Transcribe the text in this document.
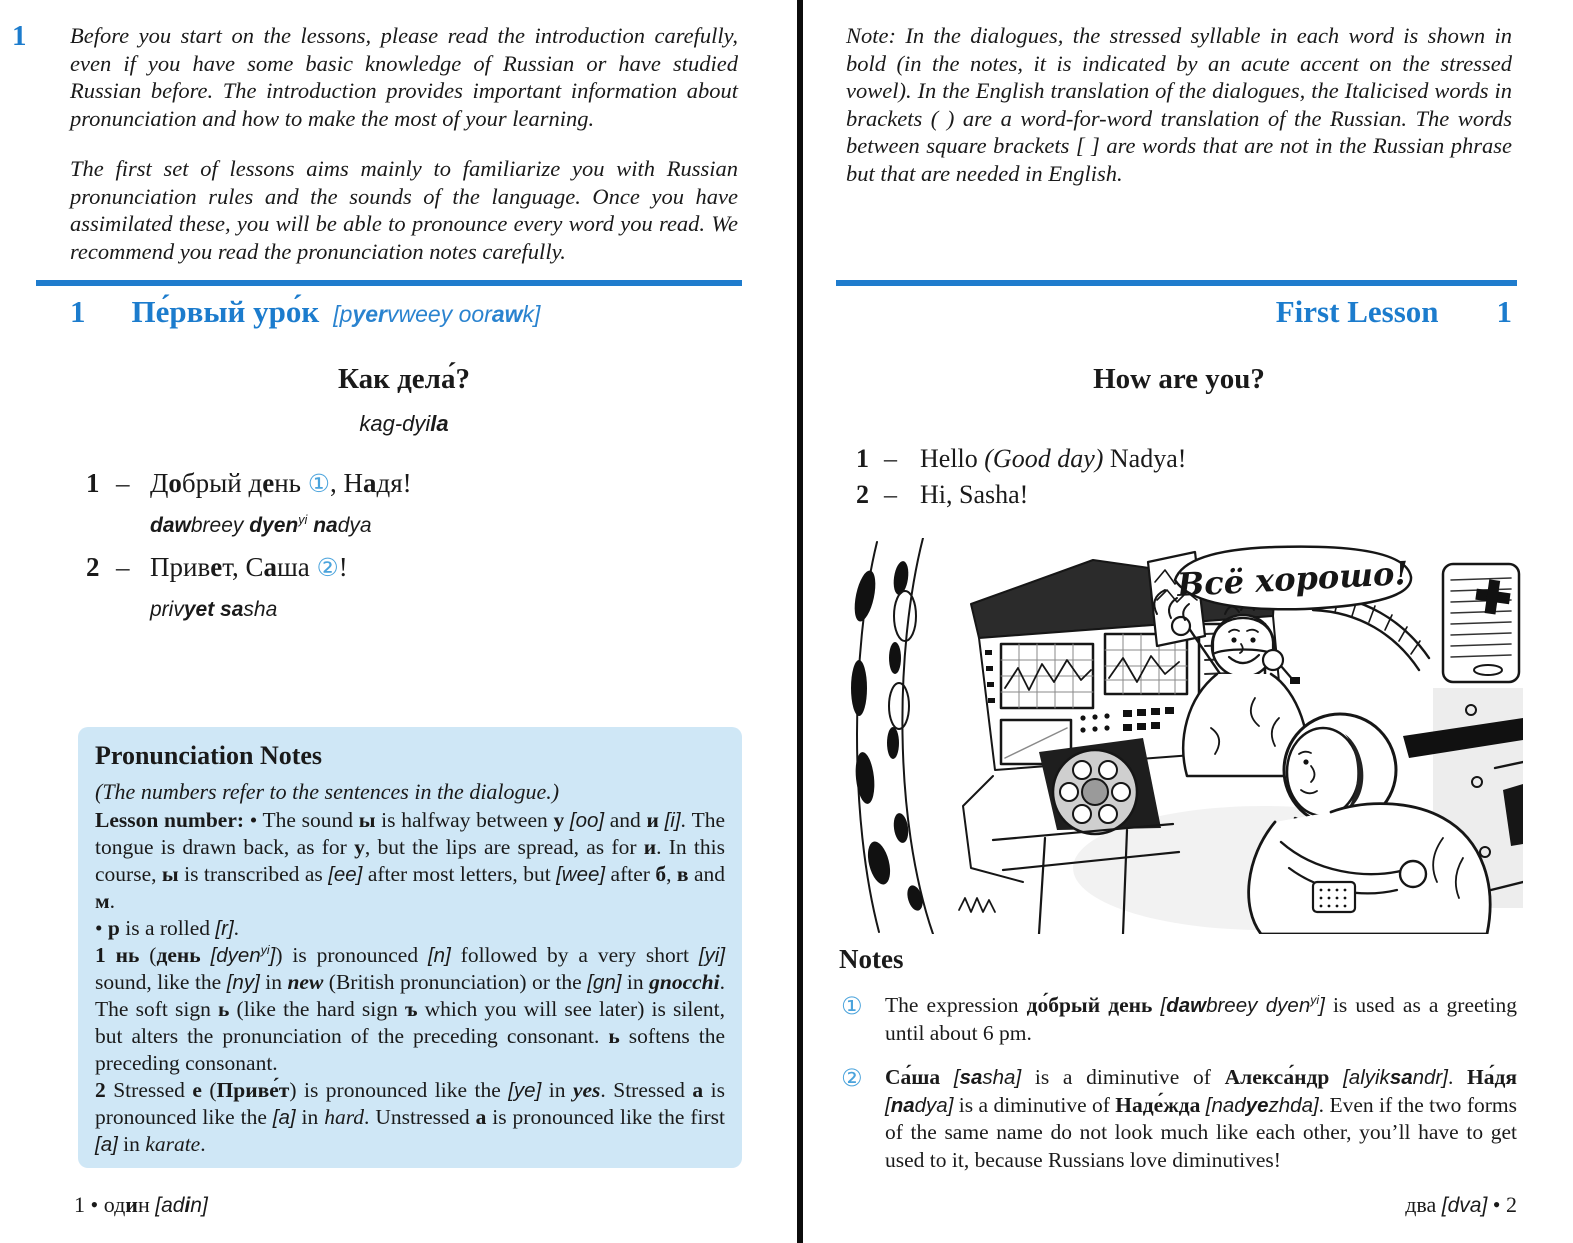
1 Before you start on the lessons, please read the introduction carefully, even if you have some basic knowledge of Russian or have studied Russian before. The introduction provides important information about pronunciation and how to make the most of your learning.

The first set of lessons aims mainly to familiarize you with Russian pronunciation rules and the sounds of the language. Once you have assimilated these, you will be able to pronounce every word you read. We recommend you read the pronunciation notes carefully.

1 Пе́рвый уро́к [pyervweey oorawk]
Как дела́?
kag-dyila
1 – Добрый день ①, Надя!
dawbreey dyen$^{yi}$ nadya
2 – Привет, Саша ②!
privyet sasha
Pronunciation Notes

(The numbers refer to the sentences in the dialogue.)

Lesson number: • The sound ы is halfway between у [oo] and и [i]. The tongue is drawn back, as for у, but the lips are spread, as for и. In this course, ы is transcribed as [ee] after most letters, but [wee] after б, в and м.

• р is a rolled [r].

1 нь (день [dyen$^{yi}$]) is pronounced [n] followed by a very short [yi] sound, like the [ny] in new (British pronunciation) or the [gn] in gnocchi. The soft sign ь (like the hard sign ъ which you will see later) is silent, but alters the pronunciation of the preceding consonant. ь softens the preceding consonant.

2 Stressed е (Приве́т) is pronounced like the [ye] in yes. Stressed а is pronounced like the [a] in hard. Unstressed а is pronounced like the first [a] in karate.

1 • один [adin]
Note: In the dialogues, the stressed syllable in each word is shown in bold (in the notes, it is indicated by an acute accent on the stressed vowel). In the English translation of the dialogues, the Italicised words in brackets ( ) are a word-for-word translation of the Russian. The words between square brackets [ ] are words that are not in the Russian phrase but that are needed in English.
First Lesson 1
How are you?
1 – Hello (Good day) Nadya!
2 – Hi, Sasha!
Всё хорошо!
Notes
①	The expression до́брый день [dawbreey dyen$^{yi}$] is used as a greeting until about 6 pm.
②	Са́ша [sasha] is a diminutive of Алекса́ндр [alyiksandr]. На́дя [nadya] is a diminutive of Наде́жда [nadyezhda]. Even if the two forms of the same name do not look much like each other, you’ll have to get used to it, because Russians love diminutives!
два [dva] • 2
